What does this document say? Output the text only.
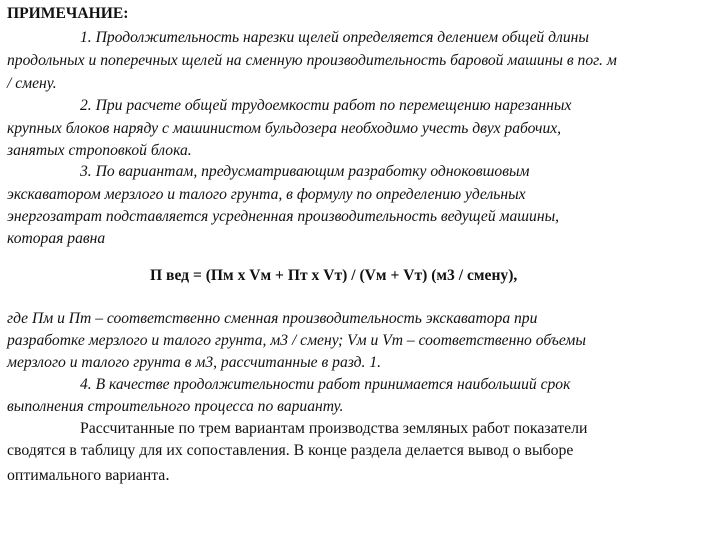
ПРИМЕЧАНИЕ:
1. Продолжительность нарезки щелей определяется делением общей длины
продольных и поперечных щелей на сменную производительность баровой машины в пог. м
/ смену.
2. При расчете общей трудоемкости работ по перемещению нарезанных
крупных блоков наряду с машинистом бульдозера необходимо учесть двух рабочих,
занятых строповкой блока.
3. По вариантам, предусматривающим разработку одноковшовым
экскаватором мерзлого и талого грунта, в формулу по определению удельных
энергозатрат подставляется усредненная производительность ведущей машины,
которая равна
П вед = (Пм х Vм + Пт х Vт) / (Vм + Vт) (м3 / смену),
где Пм и Пт – соответственно сменная производительность экскаватора при
разработке мерзлого и талого грунта, м3 / смену; Vм и Vт – соответственно объемы
мерзлого и талого грунта в м3, рассчитанные в разд. 1.
4. В качестве продолжительности работ принимается наибольший срок
выполнения строительного процесса по варианту.
Рассчитанные по трем вариантам производства земляных работ показатели
сводятся в таблицу для их сопоставления. В конце раздела делается вывод о выборе
оптимального варианта.
